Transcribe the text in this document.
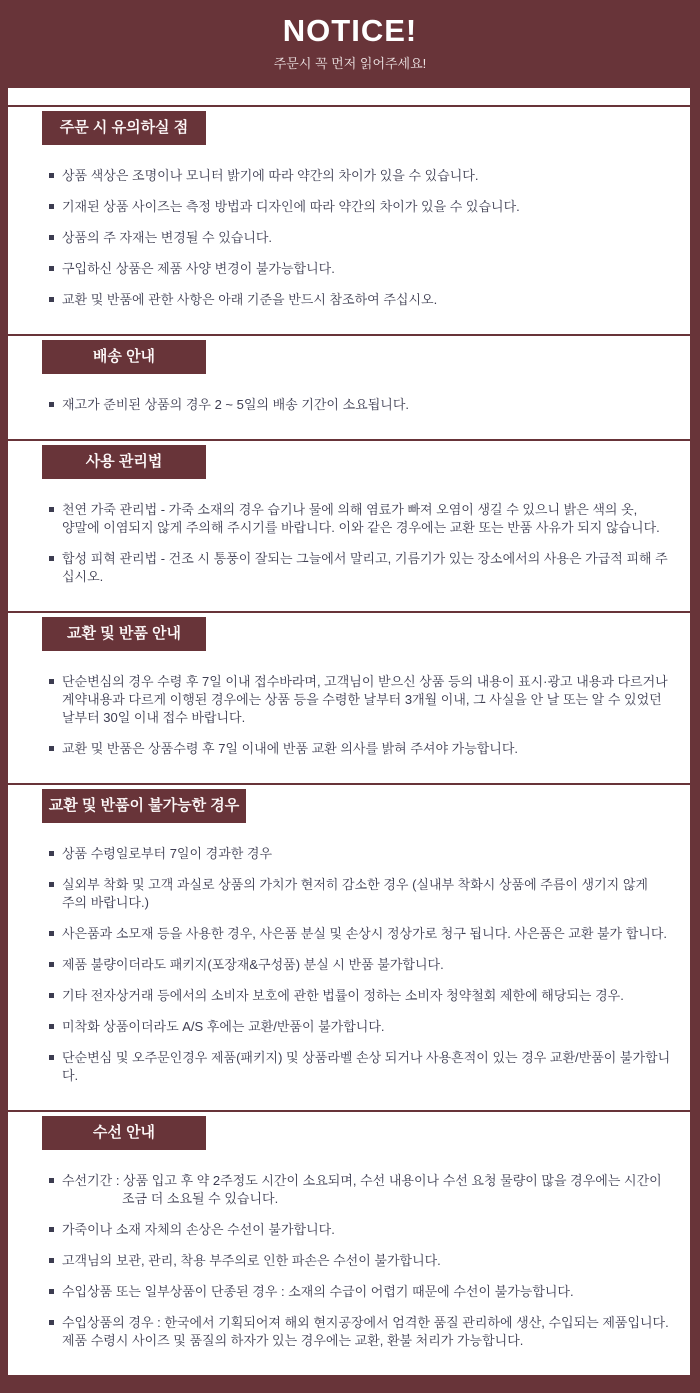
NOTICE!
주문시 꼭 먼저 읽어주세요!
주문 시 유의하실 점
상품 색상은 조명이나 모니터 밝기에 따라 약간의 차이가 있을 수 있습니다.
기재된 상품 사이즈는 측정 방법과 디자인에 따라 약간의 차이가 있을 수 있습니다.
상품의 주 자재는 변경될 수 있습니다.
구입하신 상품은 제품 사양 변경이 불가능합니다.
교환 및 반품에 관한 사항은 아래 기준을 반드시 참조하여 주십시오.
배송 안내
재고가 준비된 상품의 경우 2 ~ 5일의 배송 기간이 소요됩니다.
사용 관리법
천연 가죽 관리법 - 가죽 소재의 경우 습기나 물에 의해 염료가 빠져 오염이 생길 수 있으니 밝은 색의 옷,
양말에 이염되지 않게 주의해 주시기를 바랍니다. 이와 같은 경우에는 교환 또는 반품 사유가 되지 않습니다.
합성 피혁 관리법 - 건조 시 통풍이 잘되는 그늘에서 말리고, 기름기가 있는 장소에서의 사용은 가급적 피해 주십시오.
교환 및 반품 안내
단순변심의 경우 수령 후 7일 이내 접수바라며, 고객님이 받으신 상품 등의 내용이 표시·광고 내용과 다르거나
계약내용과 다르게 이행된 경우에는 상품 등을 수령한 날부터 3개월 이내, 그 사실을 안 날 또는 알 수 있었던
날부터 30일 이내 접수 바랍니다.
교환 및 반품은 상품수령 후 7일 이내에 반품 교환 의사를 밝혀 주셔야 가능합니다.
교환 및 반품이 불가능한 경우
상품 수령일로부터 7일이 경과한 경우
실외부 착화 및 고객 과실로 상품의 가치가 현저히 감소한 경우 (실내부 착화시 상품에 주름이 생기지 않게
주의 바랍니다.)
사은품과 소모재 등을 사용한 경우, 사은품 분실 및 손상시 정상가로 청구 됩니다. 사은품은 교환 불가 합니다.
제품 불량이더라도 패키지(포장재&구성품) 분실 시 반품 불가합니다.
기타 전자상거래 등에서의 소비자 보호에 관한 법률이 정하는 소비자 청약철회 제한에 해당되는 경우.
미착화 상품이더라도 A/S 후에는 교환/반품이 불가합니다.
단순변심 및 오주문인경우 제품(패키지) 및 상품라벨 손상 되거나 사용흔적이 있는 경우 교환/반품이 불가합니다.
수선 안내
수선기간 : 상품 입고 후 약 2주정도 시간이 소요되며, 수선 내용이나 수선 요청 물량이 많을 경우에는 시간이
조금 더 소요될 수 있습니다.
가죽이나 소재 자체의 손상은 수선이 불가합니다.
고객님의 보관, 관리, 착용 부주의로 인한 파손은 수선이 불가합니다.
수입상품 또는 일부상품이 단종된 경우 : 소재의 수급이 어렵기 때문에 수선이 불가능합니다.
수입상품의 경우 : 한국에서 기획되어져 해외 현지공장에서 엄격한 품질 관리하에 생산, 수입되는 제품입니다.
제품 수령시 사이즈 및 품질의 하자가 있는 경우에는 교환, 환불 처리가 가능합니다.
